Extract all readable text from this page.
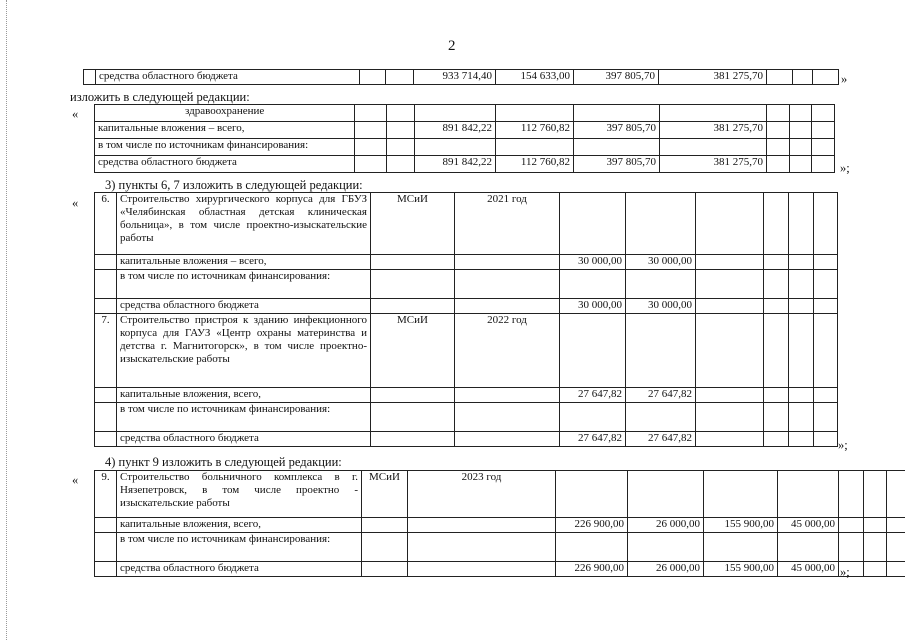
2
	средства областного бюджета			933 714,40	154 633,00	397 805,70	381 275,70				»
изложить в следующей редакции:
«	здравоохранение									
капитальные вложения – всего,			891 842,22	112 760,82	397 805,70	381 275,70			
в том числе по источникам финансирования:									
средства областного бюджета			891 842,22	112 760,82	397 805,70	381 275,70				»;
3) пункты 6, 7 изложить в следующей редакции:
« 6.	Строительство хирургического корпуса для ГБУЗ «Челябинская областная детская клиническая больница», в том числе проектно-изыскательские работы	МСиИ	2021 год						
	капитальные вложения – всего,			30 000,00	30 000,00				
	в том числе по источникам финансирования:								
	средства областного бюджета			30 000,00	30 000,00				
7.	Строительство пристроя к зданию инфекционного корпуса для ГАУЗ «Центр охраны материнства и детства г. Магнитогорск», в том числе проектно-изыскательские работы	МСиИ	2022 год						
	капитальные вложения, всего,			27 647,82	27 647,82				
	в том числе по источникам финансирования:								
	средства областного бюджета			27 647,82	27 647,82					»;
4) пункт 9 изложить в следующей редакции:
« 9.	Строительство больничного комплекса в г. Нязепетровск, в том числе проектно - изыскательские работы	МСиИ	2023 год							
	капитальные вложения, всего,			226 900,00	26 000,00	155 900,00	45 000,00			
	в том числе по источникам финансирования:									
	средства областного бюджета			226 900,00	26 000,00	155 900,00	45 000,00			»;
